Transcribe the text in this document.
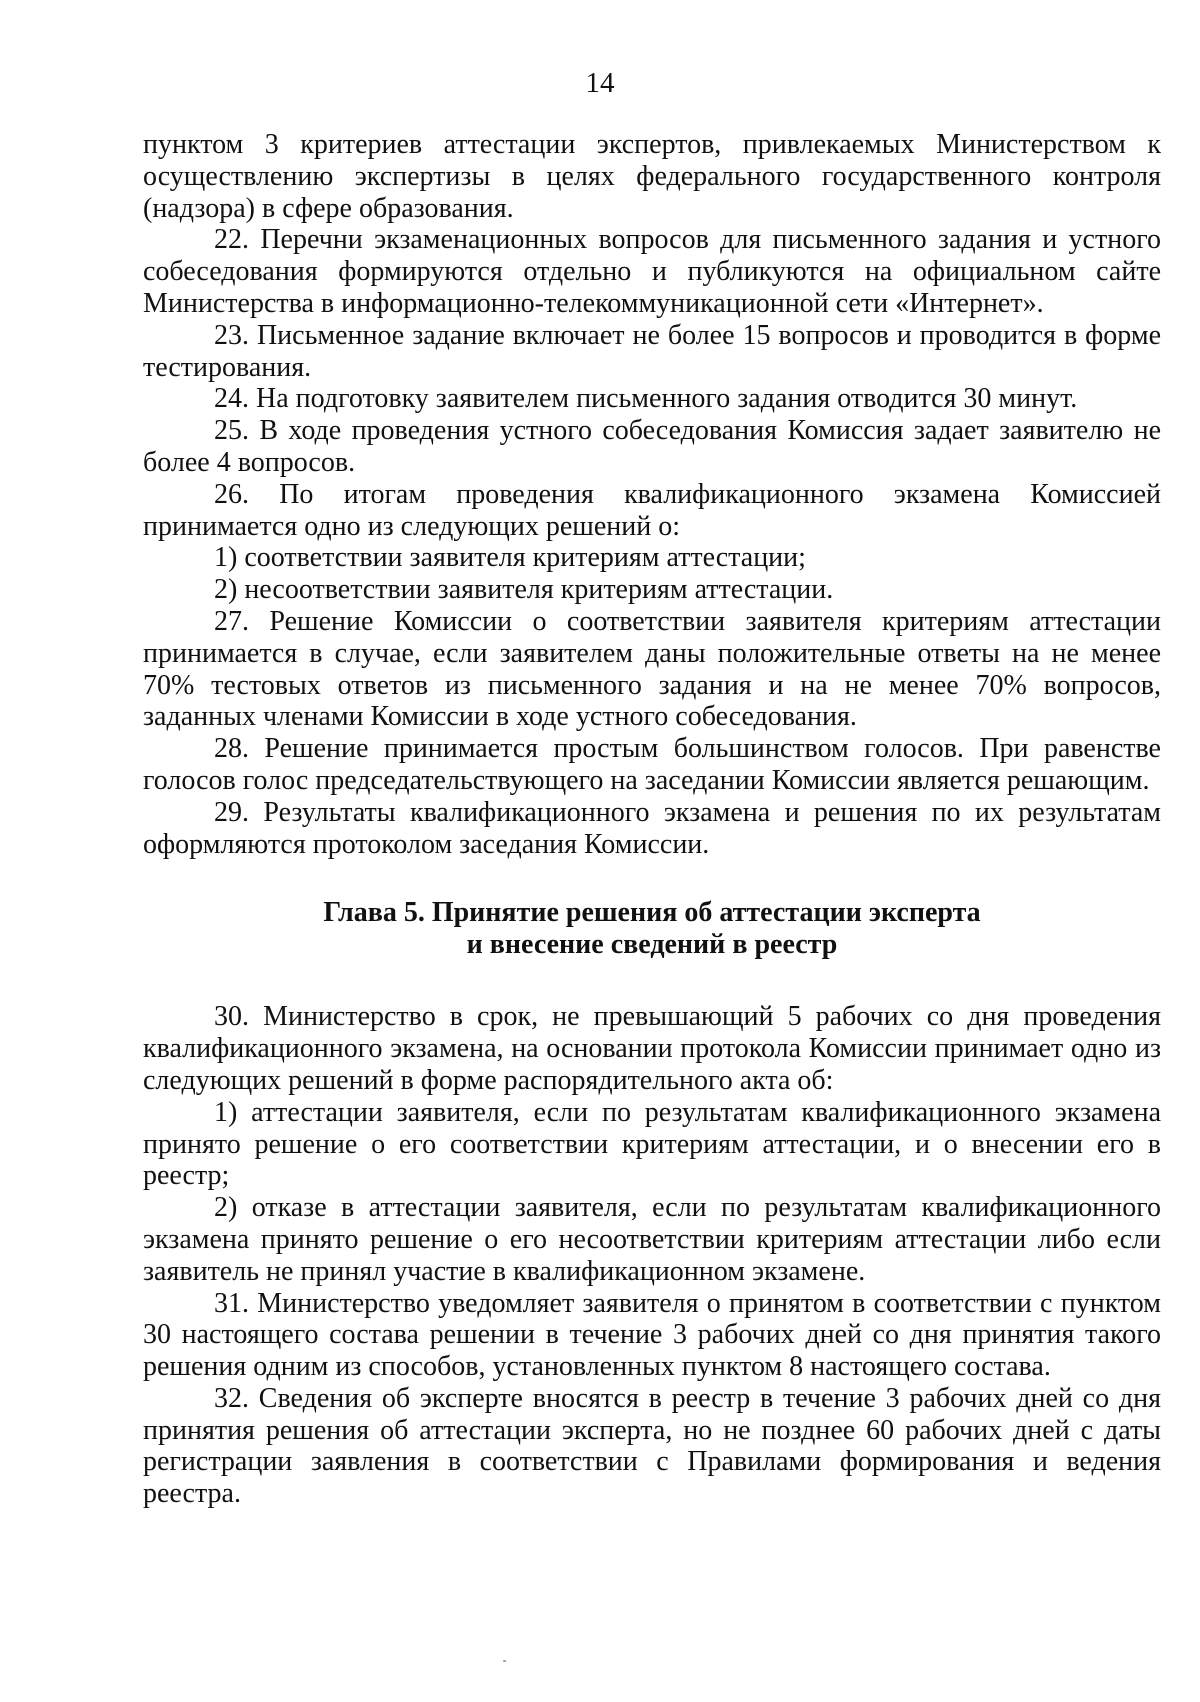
14

пунктом 3 критериев аттестации экспертов, привлекаемых Министерством к осуществлению экспертизы в целях федерального государственного контроля (надзора) в сфере образования.

22. Перечни экзаменационных вопросов для письменного задания и устного собеседования формируются отдельно и публикуются на официальном сайте Министерства в информационно-телекоммуникационной сети «Интернет».

23. Письменное задание включает не более 15 вопросов и проводится в форме тестирования.

24. На подготовку заявителем письменного задания отводится 30 минут.

25. В ходе проведения устного собеседования Комиссия задает заявителю не более 4 вопросов.

26. По итогам проведения квалификационного экзамена Комиссией принимается одно из следующих решений о:

1) соответствии заявителя критериям аттестации;

2) несоответствии заявителя критериям аттестации.

27. Решение Комиссии о соответствии заявителя критериям аттестации принимается в случае, если заявителем даны положительные ответы на не менее 70% тестовых ответов из письменного задания и на не менее 70% вопросов, заданных членами Комиссии в ходе устного собеседования.

28. Решение принимается простым большинством голосов. При равенстве голосов голос председательствующего на заседании Комиссии является решающим.

29. Результаты квалификационного экзамена и решения по их результатам оформляются протоколом заседания Комиссии.

Глава 5. Принятие решения об аттестации эксперта
и внесение сведений в реестр

30. Министерство в срок, не превышающий 5 рабочих со дня проведения квалификационного экзамена, на основании протокола Комиссии принимает одно из следующих решений в форме распорядительного акта об:

1) аттестации заявителя, если по результатам квалификационного экзамена принято решение о его соответствии критериям аттестации, и о внесении его в реестр;

2) отказе в аттестации заявителя, если по результатам квалификационного экзамена принято решение о его несоответствии критериям аттестации либо если заявитель не принял участие в квалификационном экзамене.

31. Министерство уведомляет заявителя о принятом в соответствии с пунктом 30 настоящего состава решении в течение 3 рабочих дней со дня принятия такого решения одним из способов, установленных пунктом 8 настоящего состава.

32. Сведения об эксперте вносятся в реестр в течение 3 рабочих дней со дня принятия решения об аттестации эксперта, но не позднее 60 рабочих дней с даты регистрации заявления в соответствии с Правилами формирования и ведения реестра.
